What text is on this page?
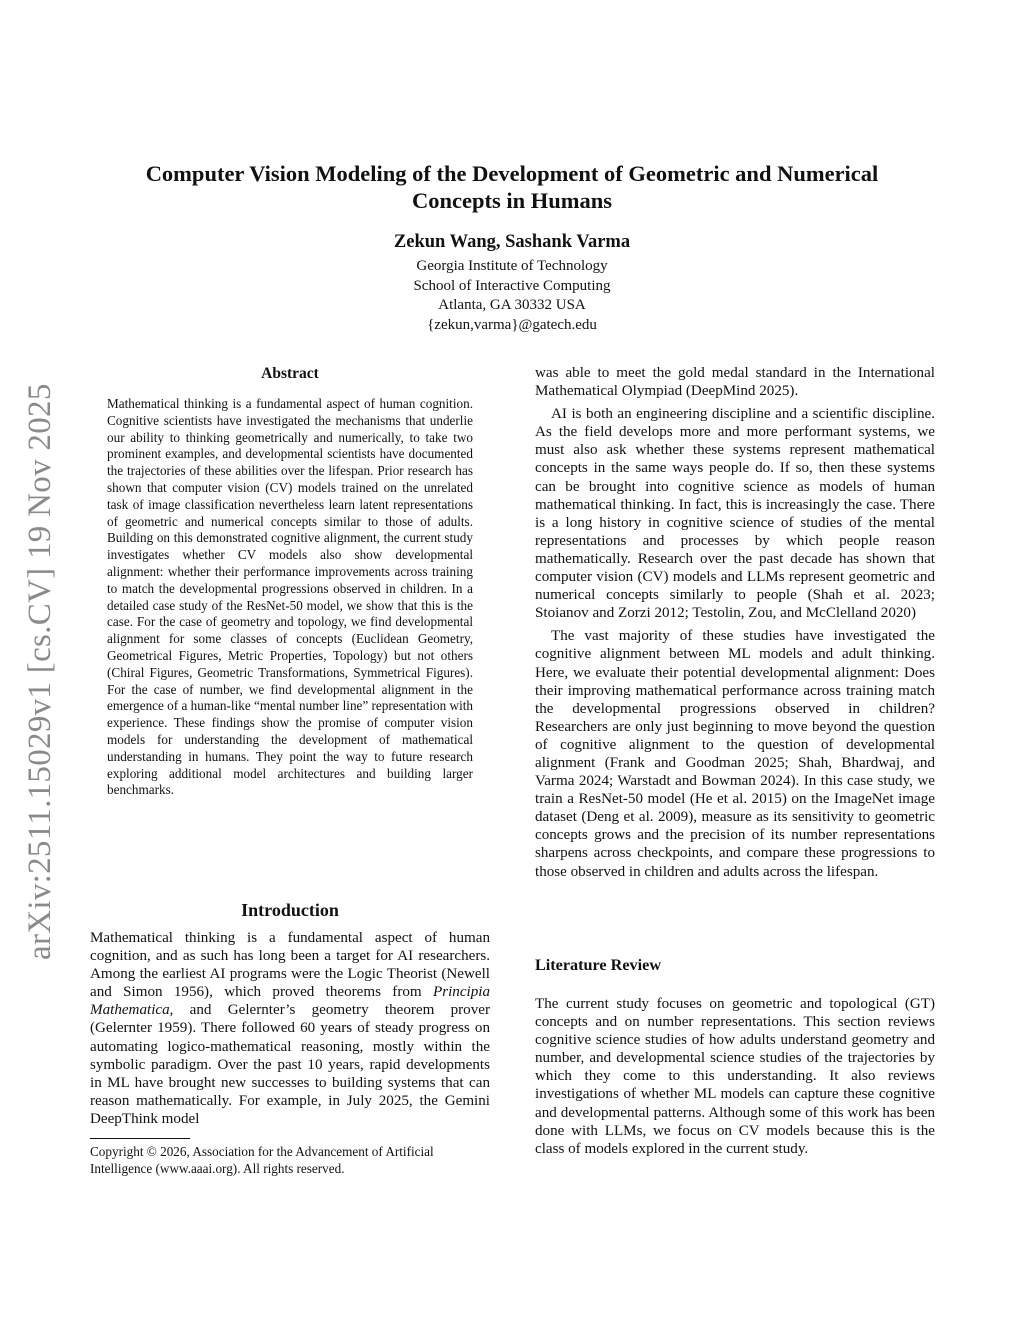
arXiv:2511.15029v1 [cs.CV] 19 Nov 2025
Computer Vision Modeling of the Development of Geometric and Numerical Concepts in Humans
Zekun Wang, Sashank Varma
Georgia Institute of Technology
School of Interactive Computing
Atlanta, GA 30332 USA
{zekun,varma}@gatech.edu
Abstract
Mathematical thinking is a fundamental aspect of human cognition. Cognitive scientists have investigated the mechanisms that underlie our ability to thinking geometrically and numerically, to take two prominent examples, and developmental scientists have documented the trajectories of these abilities over the lifespan. Prior research has shown that computer vision (CV) models trained on the unrelated task of image classification nevertheless learn latent representations of geometric and numerical concepts similar to those of adults. Building on this demonstrated cognitive alignment, the current study investigates whether CV models also show developmental alignment: whether their performance improvements across training to match the developmental progressions observed in children. In a detailed case study of the ResNet-50 model, we show that this is the case. For the case of geometry and topology, we find developmental alignment for some classes of concepts (Euclidean Geometry, Geometrical Figures, Metric Properties, Topology) but not others (Chiral Figures, Geometric Transformations, Symmetrical Figures). For the case of number, we find developmental alignment in the emergence of a human-like “mental number line” representation with experience. These findings show the promise of computer vision models for understanding the development of mathematical understanding in humans. They point the way to future research exploring additional model architectures and building larger benchmarks.
Introduction
Mathematical thinking is a fundamental aspect of human cognition, and as such has long been a target for AI researchers. Among the earliest AI programs were the Logic Theorist (Newell and Simon 1956), which proved theorems from Principia Mathematica, and Gelernter’s geometry theorem prover (Gelernter 1959). There followed 60 years of steady progress on automating logico-mathematical reasoning, mostly within the symbolic paradigm. Over the past 10 years, rapid developments in ML have brought new successes to building systems that can reason mathematically. For example, in July 2025, the Gemini DeepThink model
Copyright © 2026, Association for the Advancement of Artificial Intelligence (www.aaai.org). All rights reserved.

was able to meet the gold medal standard in the International Mathematical Olympiad (DeepMind 2025).

AI is both an engineering discipline and a scientific discipline. As the field develops more and more performant systems, we must also ask whether these systems represent mathematical concepts in the same ways people do. If so, then these systems can be brought into cognitive science as models of human mathematical thinking. In fact, this is increasingly the case. There is a long history in cognitive science of studies of the mental representations and processes by which people reason mathematically. Research over the past decade has shown that computer vision (CV) models and LLMs represent geometric and numerical concepts similarly to people (Shah et al. 2023; Stoianov and Zorzi 2012; Testolin, Zou, and McClelland 2020)

The vast majority of these studies have investigated the cognitive alignment between ML models and adult thinking. Here, we evaluate their potential developmental alignment: Does their improving mathematical performance across training match the developmental progressions observed in children? Researchers are only just beginning to move beyond the question of cognitive alignment to the question of developmental alignment (Frank and Goodman 2025; Shah, Bhardwaj, and Varma 2024; Warstadt and Bowman 2024). In this case study, we train a ResNet-50 model (He et al. 2015) on the ImageNet image dataset (Deng et al. 2009), measure as its sensitivity to geometric concepts grows and the precision of its number representations sharpens across checkpoints, and compare these progressions to those observed in children and adults across the lifespan.

Literature Review
The current study focuses on geometric and topological (GT) concepts and on number representations. This section reviews cognitive science studies of how adults understand geometry and number, and developmental science studies of the trajectories by which they come to this understanding. It also reviews investigations of whether ML models can capture these cognitive and developmental patterns. Although some of this work has been done with LLMs, we focus on CV models because this is the class of models explored in the current study.
